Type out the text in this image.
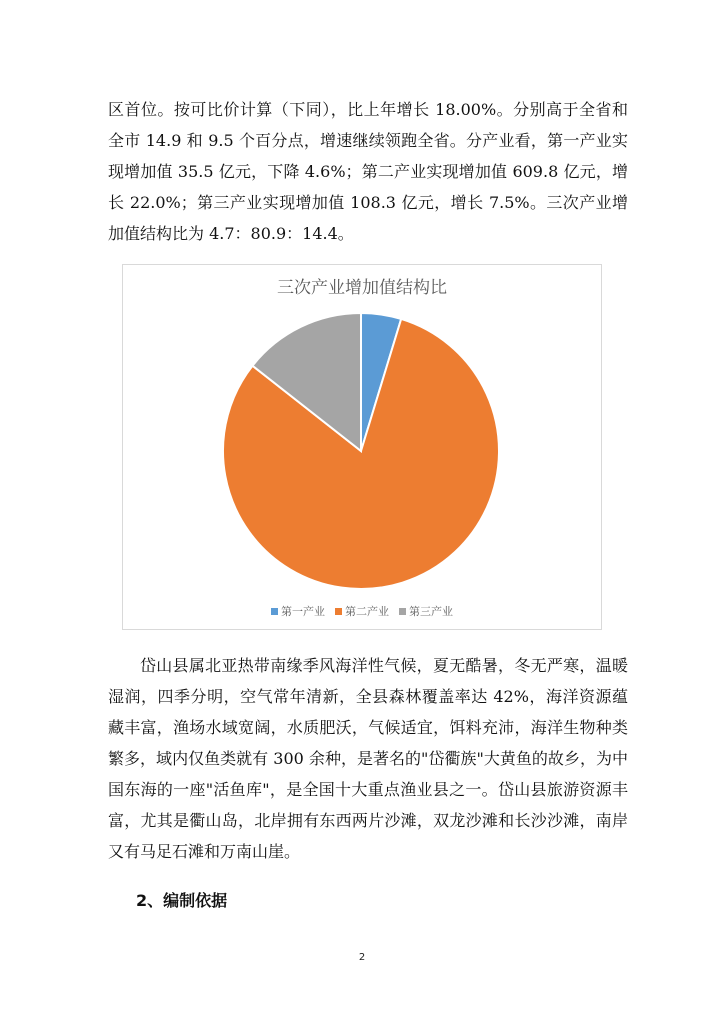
区首位。按可比价计算（下同），比上年增长 18.00%。分别高于全省和全市 14.9 和 9.5 个百分点，增速继续领跑全省。分产业看，第一产业实现增加值 35.5 亿元，下降 4.6%；第二产业实现增加值 609.8 亿元，增长 22.0%；第三产业实现增加值 108.3 亿元，增长 7.5%。三次产业增加值结构比为 4.7：80.9：14.4。
三次产业增加值结构比
第一产业 第二产业 第三产业
岱山县属北亚热带南缘季风海洋性气候，夏无酷暑，冬无严寒，温暖湿润，四季分明，空气常年清新，全县森林覆盖率达 42%，海洋资源蕴藏丰富，渔场水域宽阔，水质肥沃，气候适宜，饵料充沛，海洋生物种类繁多，域内仅鱼类就有 300 余种，是著名的"岱衢族"大黄鱼的故乡，为中国东海的一座"活鱼库"，是全国十大重点渔业县之一。岱山县旅游资源丰富，尤其是衢山岛，北岸拥有东西两片沙滩，双龙沙滩和长沙沙滩，南岸又有马足石滩和万南山崖。
2、编制依据
2
